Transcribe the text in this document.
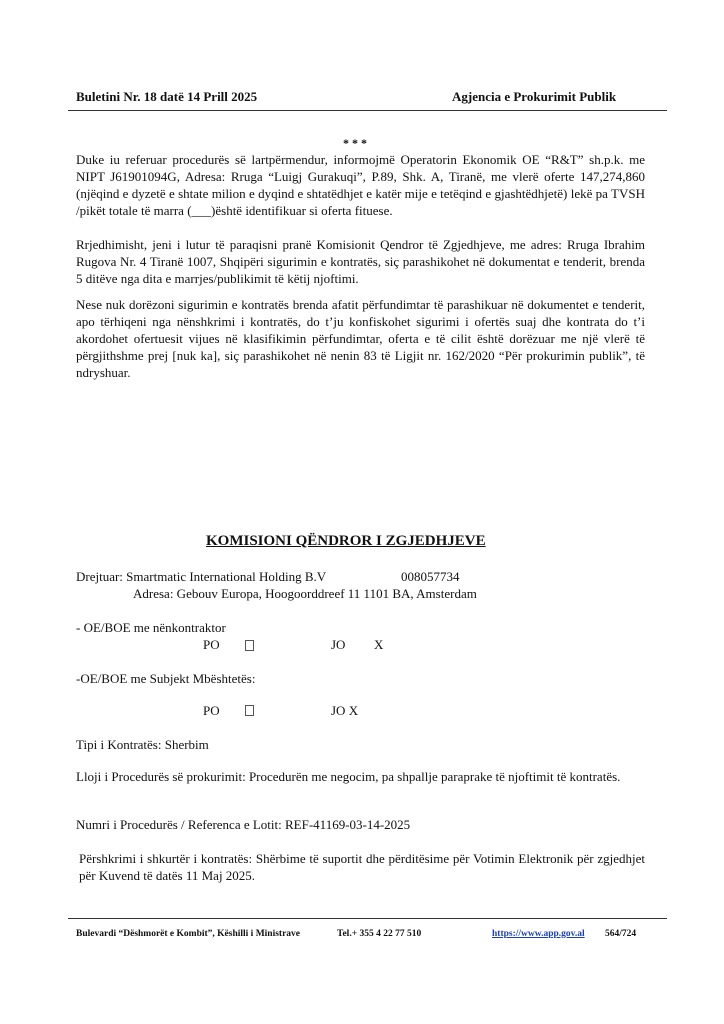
Buletini Nr. 18 datë 14 Prill 2025	Agjencia e Prokurimit Publik
* * *
Duke iu referuar procedurës së lartpërmendur, informojmë Operatorin Ekonomik OE “R&T” sh.p.k. me NIPT J61901094G, Adresa: Rruga “Luigj Gurakuqi”, P.89, Shk. A, Tiranë, me vlerë oferte 147,274,860 (njëqind e dyzetë e shtate milion e dyqind e shtatëdhjet e katër mije e tetëqind e gjashtëdhjetë) lekë pa TVSH /pikët totale të marra (___)është identifikuar si oferta fituese.
Rrjedhimisht, jeni i lutur të paraqisni pranë Komisionit Qendror të Zgjedhjeve, me adres: Rruga Ibrahim Rugova Nr. 4 Tiranë 1007, Shqipëri sigurimin e kontratës, siç parashikohet në dokumentat e tenderit, brenda 5 ditëve nga dita e marrjes/publikimit të këtij njoftimi.
Nese nuk dorëzoni sigurimin e kontratës brenda afatit përfundimtar të parashikuar në dokumentet e tenderit, apo tërhiqeni nga nënshkrimi i kontratës, do t’ju konfiskohet sigurimi i ofertës suaj dhe kontrata do t’i akordohet ofertuesit vijues në klasifikimin përfundimtar, oferta e të cilit është dorëzuar me një vlerë të përgjithshme prej [nuk ka], siç parashikohet në nenin 83 të Ligjit nr. 162/2020 “Për prokurimin publik”, të ndryshuar.
KOMISIONI QËNDROR I ZGJEDHJEVE
Drejtuar: Smartmatic International Holding B.V	008057734
Adresa: Gebouv Europa, Hoogoorddreef 11 1101 BA, Amsterdam
- OE/BOE me nënkontraktor
PO	JO X
-OE/BOE me Subjekt Mbështetës:
PO	JO X
Tipi i Kontratës: Sherbim
Lloji i Procedurës së prokurimit: Procedurën me negocim, pa shpallje paraprake të njoftimit të kontratës.
Numri i Procedurës / Referenca e Lotit: REF-41169-03-14-2025
Përshkrimi i shkurtër i kontratës: Shërbime të suportit dhe përditësime për Votimin Elektronik për zgjedhjet për Kuvend të datës 11 Maj 2025.
Bulevardi “Dëshmorët e Kombit”, Këshilli i Ministrave	Tel.+ 355 4 22 77 510	https://www.app.gov.al 564/724
